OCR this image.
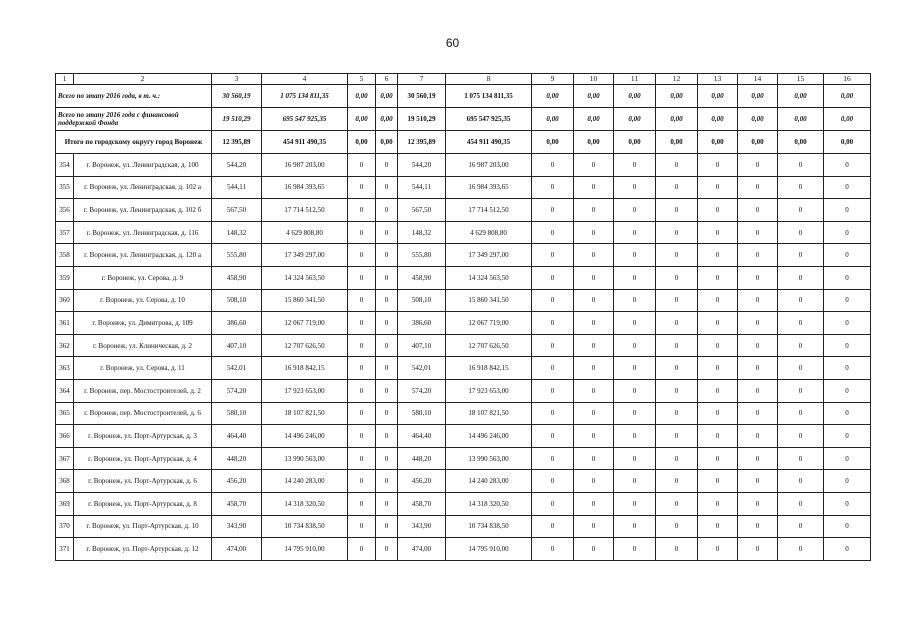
60
1	2	3	4	5	6	7	8	9	10	11	12	13	14	15	16
Всего по этапу 2016 года, в т. ч.:		30 560,19	1 075 134 811,35	0,00	0,00	30 560,19	1 075 134 811,35	0,00	0,00	0,00	0,00	0,00	0,00	0,00	0,00
Всего по этапу 2016 года с финансовой поддержкой Фонда		19 510,29	695 547 925,35	0,00	0,00	19 510,29	695 547 925,35	0,00	0,00	0,00	0,00	0,00	0,00	0,00	0,00
Итого по городскому округу город Воронеж		12 395,89	454 911 490,35	0,00	0,00	12 395,89	454 911 490,35	0,00	0,00	0,00	0,00	0,00	0,00	0,00	0,00
354	г. Воронеж, ул. Ленинградская, д. 100	544,20	16 987 203,00	0	0	544,20	16 987 203,00	0	0	0	0	0	0	0	0
355	г. Воронеж, ул. Ленинградская, д. 102 а	544,11	16 984 393,65	0	0	544,11	16 984 393,65	0	0	0	0	0	0	0	0
356	г. Воронеж, ул. Ленинградская, д. 102 б	567,50	17 714 512,50	0	0	567,50	17 714 512,50	0	0	0	0	0	0	0	0
357	г. Воронеж, ул. Ленинградская, д. 116	148,32	4 629 808,80	0	0	148,32	4 629 808,80	0	0	0	0	0	0	0	0
358	г. Воронеж, ул. Ленинградская, д. 120 а	555,80	17 349 297,00	0	0	555,80	17 349 297,00	0	0	0	0	0	0	0	0
359	г. Воронеж, ул. Серова, д. 9	458,90	14 324 563,50	0	0	458,90	14 324 563,50	0	0	0	0	0	0	0	0
360	г. Воронеж, ул. Серова, д. 10	508,10	15 860 341,50	0	0	508,10	15 860 341,50	0	0	0	0	0	0	0	0
361	г. Воронеж, ул. Димитрова, д. 109	386,60	12 067 719,00	0	0	386,60	12 067 719,00	0	0	0	0	0	0	0	0
362	г. Воронеж, ул. Клиническая, д. 2	407,10	12 707 626,50	0	0	407,10	12 707 626,50	0	0	0	0	0	0	0	0
363	г. Воронеж, ул. Серова, д. 11	542,01	16 918 842,15	0	0	542,01	16 918 842,15	0	0	0	0	0	0	0	0
364	г. Воронеж, пер. Мостостроителей, д. 2	574,20	17 923 653,00	0	0	574,20	17 923 653,00	0	0	0	0	0	0	0	0
365	г. Воронеж, пер. Мостостроителей, д. 6	580,10	18 107 821,50	0	0	580,10	18 107 821,50	0	0	0	0	0	0	0	0
366	г. Воронеж, ул. Порт-Артурская, д. 3	464,40	14 496 246,00	0	0	464,40	14 496 246,00	0	0	0	0	0	0	0	0
367	г. Воронеж, ул. Порт-Артурская, д. 4	448,20	13 990 563,00	0	0	448,20	13 990 563,00	0	0	0	0	0	0	0	0
368	г. Воронеж, ул. Порт-Артурская, д. 6	456,20	14 240 283,00	0	0	456,20	14 240 283,00	0	0	0	0	0	0	0	0
369	г. Воронеж, ул. Порт-Артурская, д. 8	458,70	14 318 320,50	0	0	458,70	14 318 320,50	0	0	0	0	0	0	0	0
370	г. Воронеж, ул. Порт-Артурская, д. 10	343,90	10 734 838,50	0	0	343,90	10 734 838,50	0	0	0	0	0	0	0	0
371	г. Воронеж, ул. Порт-Артурская, д. 12	474,00	14 795 910,00	0	0	474,00	14 795 910,00	0	0	0	0	0	0	0	0
